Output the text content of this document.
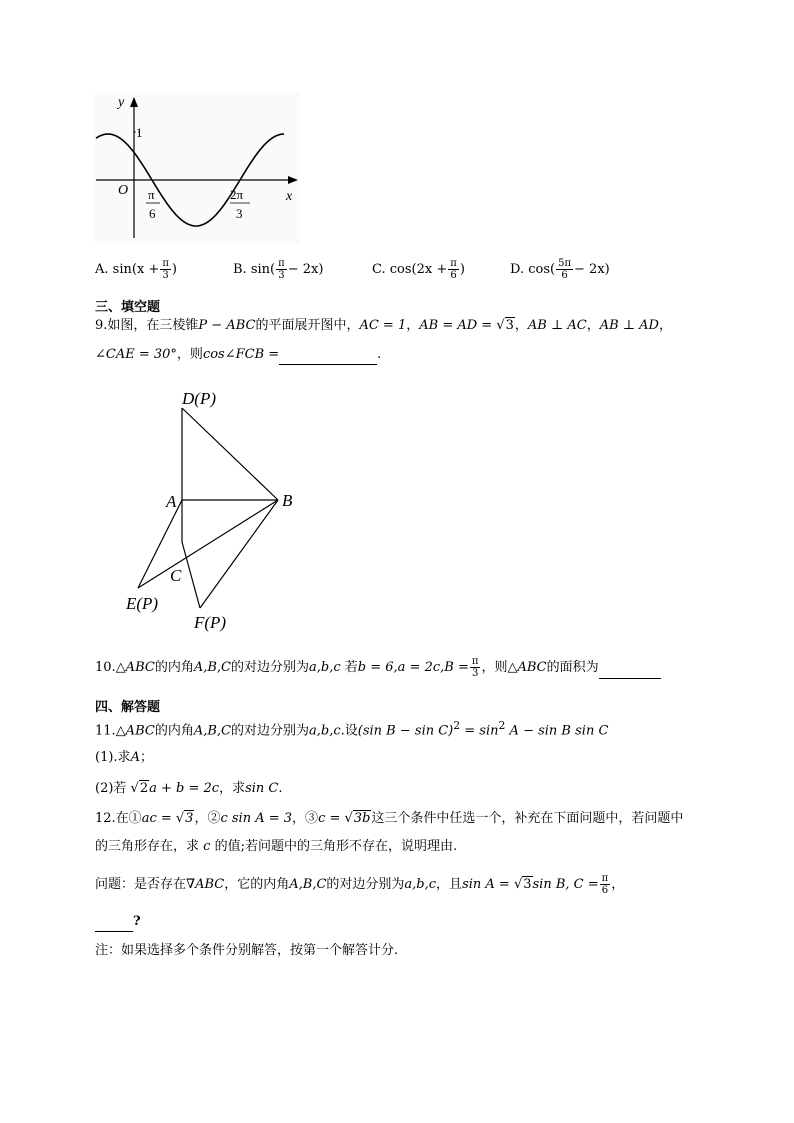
y
x
O
1
π
6
2π
3
A. $\sin(x + \frac{\pi}{3}$ )	B. $\sin( \frac{\pi}{3} - 2x)$	C. $\cos(2x + \frac{\pi}{6}$ )	D. $\cos( \frac{5\pi}{6} - 2x)$
三、填空题
9.如图，在三棱锥P − ABC的平面展开图中，AC = 1，AB = AD = √3，AB ⊥ AC，AB ⊥ AD，
∠CAE = 30°，则cos∠FCB =	.
D(P)
A	B
C
E(P)
F(P)
10.△ABC的内角A,B,C的对边分别为a,b,c 若$b = 6,a = 2c,B = \frac{\pi}{3}$ ，则△ABC的面积为
四、解答题
11.△ABC的内角A,B,C的对边分别为a,b,c.设(sin $B - \sin C)^2 = \sin^2 A - \sin B$ sin C
(1).求A；
(2)若 √2a + b = 2c，求sin C.
12.在①ac = √3，②c sin A = 3，③c = √3b这三个条件中任选一个，补充在下面问题中，若问题中
的三角形存在，求 c 的值;若问题中的三角形不存在，说明理由.
问题：是否存在∇ABC，它的内角A,B,C的对边分别为a,b,c，且sin A = √3sin B, $C = \frac{\pi}{6}$ ，
?
注：如果选择多个条件分别解答，按第一个解答计分.
